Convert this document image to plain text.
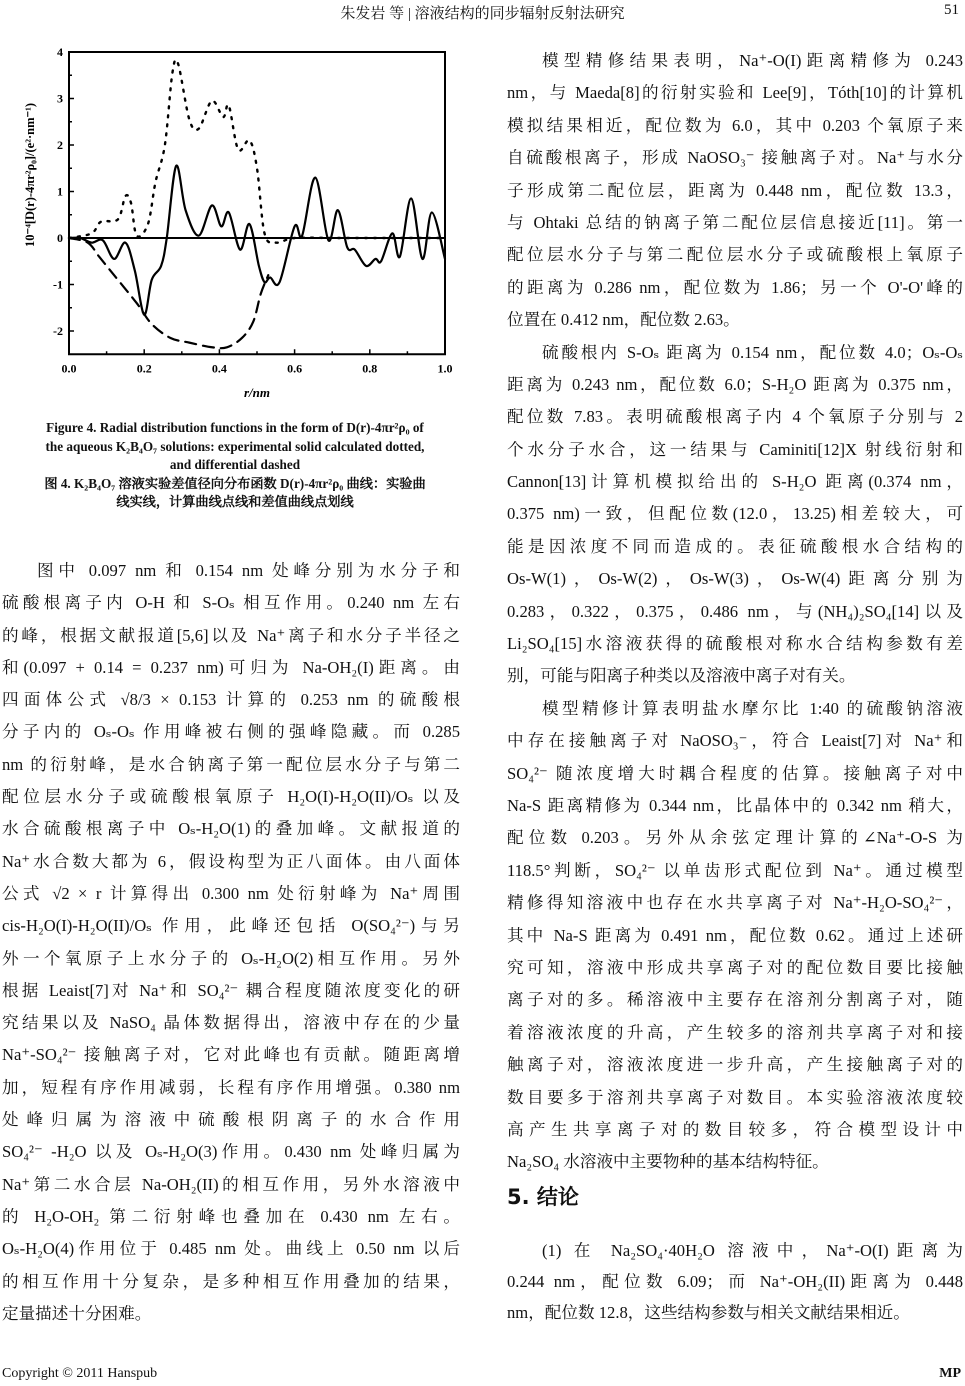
朱发岩 等 | 溶液结构的同步辐射反射法研究	51
0.0	0.2	0.4	0.6	0.8	1.0
-2
-1
0
1
2
3
4
r/nm
10⁻⁴[D(r)-4πr²ρ₀]/(e²·nm⁻¹)
Figure 4. Radial distribution functions in the form of D(r)-4πr²ρ₀ of
the aqueous K₂B₄O₇ solutions: experimental solid calculated dotted,
and differential dashed
图 4. K₂B₄O₇ 溶液实验差值径向分布函数 D(r)-4πr²ρ₀ 曲线：实验曲
线实线，计算曲线点线和差值曲线点划线
图中 0.097 nm 和 0.154 nm 处峰分别为水分子和
硫酸根离子内 O-H 和 S-Oₛ 相互作用。0.240 nm 左右
的峰，根据文献报道[5,6]以及 Na⁺离子和水分子半径之
和(0.097 + 0.14 = 0.237 nm)可归为 Na-OH₂(I)距离。由
四面体公式 √8/3 × 0.153 计算的 0.253 nm 的硫酸根
分子内的 Oₛ-Oₛ 作用峰被右侧的强峰隐藏。而 0.285
nm 的衍射峰，是水合钠离子第一配位层水分子与第二
配位层水分子或硫酸根氧原子 H₂O(I)-H₂O(II)/Oₛ 以及
水合硫酸根离子中 Oₛ-H₂O(1)的叠加峰。文献报道的
Na⁺水合数大都为 6，假设构型为正八面体。由八面体
公式 √2 × r 计算得出 0.300 nm 处衍射峰为 Na⁺周围
cis-H₂O(I)-H₂O(II)/Oₛ 作用，此峰还包括 O(SO₄²⁻)与另
外一个氧原子上水分子的 Oₛ-H₂O(2)相互作用。另外
根据 Leaist[7]对 Na⁺和 SO₄²⁻ 耦合程度随浓度变化的研
究结果以及 NaSO₄ 晶体数据得出，溶液中存在的少量
Na⁺-SO₄²⁻ 接触离子对，它对此峰也有贡献。随距离增
加，短程有序作用减弱，长程有序作用增强。0.380 nm
处峰归属为溶液中硫酸根阴离子的水合作用
SO₄²⁻ -H₂O 以及 Oₛ-H₂O(3)作用。0.430 nm 处峰归属为
Na⁺第二水合层 Na-OH₂(II)的相互作用，另外水溶液中
的 H₂O-OH₂ 第二衍射峰也叠加在 0.430 nm 左右。
Oₛ-H₂O(4)作用位于 0.485 nm 处。曲线上 0.50 nm 以后
的相互作用十分复杂，是多种相互作用叠加的结果，
定量描述十分困难。
模型精修结果表明，Na⁺-O(I)距离精修为 0.243
nm，与 Maeda[8]的衍射实验和 Lee[9]，Tóth[10]的计算机
模拟结果相近，配位数为 6.0，其中 0.203 个氧原子来
自硫酸根离子，形成 NaOSO₃⁻ 接触离子对。Na⁺与水分
子形成第二配位层，距离为 0.448 nm，配位数 13.3，
与 Ohtaki 总结的钠离子第二配位层信息接近[11]。第一
配位层水分子与第二配位层水分子或硫酸根上氧原子
的距离为 0.286 nm，配位数为 1.86；另一个 O'-O'峰的
位置在 0.412 nm，配位数 2.63。
硫酸根内 S-Oₛ 距离为 0.154 nm，配位数 4.0；Oₛ-Oₛ
距离为 0.243 nm，配位数 6.0；S-H₂O 距离为 0.375 nm，
配位数 7.83。表明硫酸根离子内 4 个氧原子分别与 2
个水分子水合，这一结果与 Caminiti[12]X 射线衍射和
Cannon[13]计算机模拟给出的 S-H₂O 距离(0.374 nm，
0.375 nm)一致，但配位数(12.0，13.25)相差较大，可
能是因浓度不同而造成的。表征硫酸根水合结构的
Os-W(1)，Os-W(2)，Os-W(3)，Os-W(4)距离分别为
0.283，0.322，0.375，0.486 nm，与(NH₄)₂SO₄[14]以及
Li₂SO₄[15]水溶液获得的硫酸根对称水合结构参数有差
别，可能与阳离子种类以及溶液中离子对有关。
模型精修计算表明盐水摩尔比 1:40 的硫酸钠溶液
中存在接触离子对 NaOSO₃⁻，符合 Leaist[7]对 Na⁺和
SO₄²⁻ 随浓度增大时耦合程度的估算。接触离子对中
Na-S 距离精修为 0.344 nm，比晶体中的 0.342 nm 稍大，
配位数 0.203。另外从余弦定理计算的∠Na⁺-O-S 为
118.5°判断，SO₄²⁻ 以单齿形式配位到 Na⁺。通过模型
精修得知溶液中也存在水共享离子对 Na⁺-H₂O-SO₄²⁻，
其中 Na-S 距离为 0.491 nm，配位数 0.62。通过上述研
究可知，溶液中形成共享离子对的配位数目要比接触
离子对的多。稀溶液中主要存在溶剂分割离子对，随
着溶液浓度的升高，产生较多的溶剂共享离子对和接
触离子对，溶液浓度进一步升高，产生接触离子对的
数目要多于溶剂共享离子对数目。本实验溶液浓度较
高产生共享离子对的数目较多，符合模型设计中
Na₂SO₄ 水溶液中主要物种的基本结构特征。
5. 结论
(1) 在 Na₂SO₄·40H₂O 溶液中，Na⁺-O(I)距离为
0.244 nm，配位数 6.09；而 Na⁺-OH₂(II)距离为 0.448
nm，配位数 12.8，这些结构参数与相关文献结果相近。
Copyright © 2011 Hanspub	MP
